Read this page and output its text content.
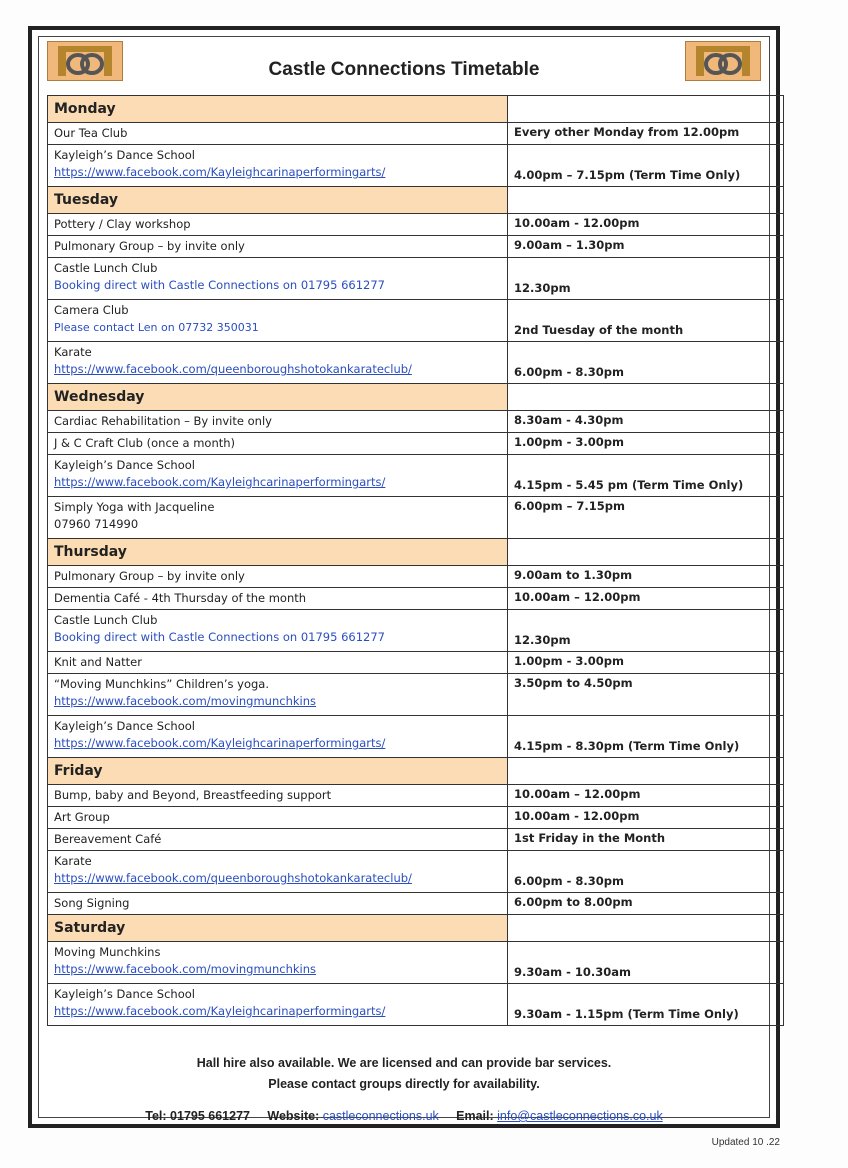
Castle Connections Timetable
Monday	

Our Tea Club	Every other Monday from 12.00pm

Kayleigh’s Dance School
https://www.facebook.com/Kayleighcarinaperformingarts/	4.00pm – 7.15pm (Term Time Only)
Tuesday	

Pottery / Clay workshop	10.00am - 12.00pm

Pulmonary Group – by invite only	9.00am – 1.30pm

Castle Lunch Club
Booking direct with Castle Connections on 01795 661277	12.30pm

Camera Club
Please contact Len on 07732 350031	2nd Tuesday of the month

Karate
https://www.facebook.com/queenboroughshotokankarateclub/	6.00pm - 8.30pm
Wednesday	

Cardiac Rehabilitation – By invite only	8.30am - 4.30pm

J & C Craft Club (once a month)	1.00pm - 3.00pm

Kayleigh’s Dance School
https://www.facebook.com/Kayleighcarinaperformingarts/	4.15pm - 5.45 pm (Term Time Only)

Simply Yoga with Jacqueline
07960 714990	6.00pm – 7.15pm
Thursday	

Pulmonary Group – by invite only	9.00am to 1.30pm

Dementia Café - 4th Thursday of the month	10.00am – 12.00pm

Castle Lunch Club
Booking direct with Castle Connections on 01795 661277	12.30pm

Knit and Natter	1.00pm - 3.00pm

“Moving Munchkins” Children’s yoga.
https://www.facebook.com/movingmunchkins	3.50pm to 4.50pm

Kayleigh’s Dance School
https://www.facebook.com/Kayleighcarinaperformingarts/	4.15pm - 8.30pm (Term Time Only)
Friday	

Bump, baby and Beyond, Breastfeeding support	10.00am – 12.00pm

Art Group	10.00am - 12.00pm

Bereavement Café	1st Friday in the Month

Karate
https://www.facebook.com/queenboroughshotokankarateclub/	6.00pm - 8.30pm

Song Signing	6.00pm to 8.00pm
Saturday	

Moving Munchkins
https://www.facebook.com/movingmunchkins	9.30am - 10.30am

Kayleigh’s Dance School
https://www.facebook.com/Kayleighcarinaperformingarts/	9.30am - 1.15pm (Term Time Only)
Hall hire also available. We are licensed and can provide bar services.
Please contact groups directly for availability.
Tel: 01795 661277 Website: castleconnections.uk Email: info@castleconnections.co.uk
Updated 10 .22
